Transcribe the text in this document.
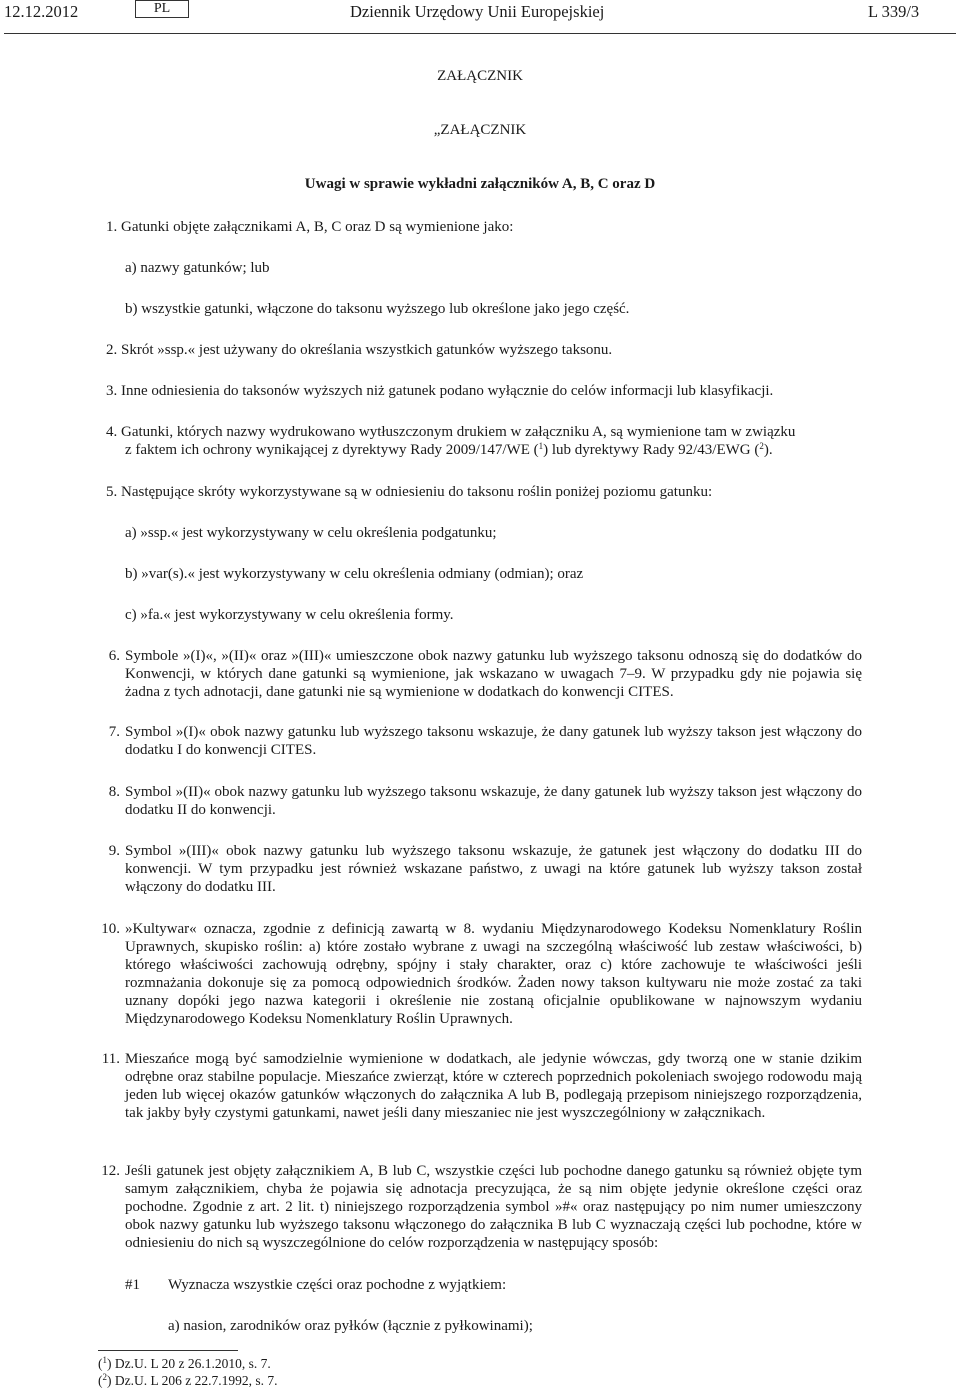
12.12.2012	PL	Dziennik Urzędowy Unii Europejskiej	L 339/3
ZAŁĄCZNIK
„ZAŁĄCZNIK
Uwagi w sprawie wykładni załączników A, B, C oraz D
1. Gatunki objęte załącznikami A, B, C oraz D są wymienione jako:
a) nazwy gatunków; lub
b) wszystkie gatunki, włączone do taksonu wyższego lub określone jako jego część.
2. Skrót »ssp.« jest używany do określania wszystkich gatunków wyższego taksonu.
3. Inne odniesienia do taksonów wyższych niż gatunek podano wyłącznie do celów informacji lub klasyfikacji.
4. Gatunki, których nazwy wydrukowano wytłuszczonym drukiem w załączniku A, są wymienione tam w związku
z faktem ich ochrony wynikającej z dyrektywy Rady 2009/147/WE ($^1$) lub dyrektywy Rady 92/43/EWG ($^2$).
5. Następujące skróty wykorzystywane są w odniesieniu do taksonu roślin poniżej poziomu gatunku:
a) »ssp.« jest wykorzystywany w celu określenia podgatunku;
b) »var(s).« jest wykorzystywany w celu określenia odmiany (odmian); oraz
c) »fa.« jest wykorzystywany w celu określenia formy.
6. Symbole »(I)«, »(II)« oraz »(III)« umieszczone obok nazwy gatunku lub wyższego taksonu odnoszą się do dodatków do Konwencji, w których dane gatunki są wymienione, jak wskazano w uwagach 7–9. W przypadku gdy nie pojawia się żadna z tych adnotacji, dane gatunki nie są wymienione w dodatkach do konwencji CITES.
7. Symbol »(I)« obok nazwy gatunku lub wyższego taksonu wskazuje, że dany gatunek lub wyższy takson jest włączony do dodatku I do konwencji CITES.
8. Symbol »(II)« obok nazwy gatunku lub wyższego taksonu wskazuje, że dany gatunek lub wyższy takson jest włączony do dodatku II do konwencji.
9. Symbol »(III)« obok nazwy gatunku lub wyższego taksonu wskazuje, że gatunek jest włączony do dodatku III do konwencji. W tym przypadku jest również wskazane państwo, z uwagi na które gatunek lub wyższy takson został włączony do dodatku III.
10. »Kultywar« oznacza, zgodnie z definicją zawartą w 8. wydaniu Międzynarodowego Kodeksu Nomenklatury Roślin Uprawnych, skupisko roślin: a) które zostało wybrane z uwagi na szczególną właściwość lub zestaw właściwości, b) którego właściwości zachowują odrębny, spójny i stały charakter, oraz c) które zachowuje te właściwości jeśli rozmnażania dokonuje się za pomocą odpowiednich środków. Żaden nowy takson kultywaru nie może zostać za taki uznany dopóki jego nazwa kategorii i określenie nie zostaną oficjalnie opublikowane w najnowszym wydaniu Międzynarodowego Kodeksu Nomenklatury Roślin Uprawnych.
11. Mieszańce mogą być samodzielnie wymienione w dodatkach, ale jedynie wówczas, gdy tworzą one w stanie dzikim odrębne oraz stabilne populacje. Mieszańce zwierząt, które w czterech poprzednich pokoleniach swojego rodowodu mają jeden lub więcej okazów gatunków włączonych do załącznika A lub B, podlegają przepisom niniejszego rozporządzenia, tak jakby były czystymi gatunkami, nawet jeśli dany mieszaniec nie jest wyszczególniony w załącznikach.
12. Jeśli gatunek jest objęty załącznikiem A, B lub C, wszystkie części lub pochodne danego gatunku są również objęte tym samym załącznikiem, chyba że pojawia się adnotacja precyzująca, że są nim objęte jedynie określone części oraz pochodne. Zgodnie z art. 2 lit. t) niniejszego rozporządzenia symbol »#« oraz następujący po nim numer umieszczony obok nazwy gatunku lub wyższego taksonu włączonego do załącznika B lub C wyznaczają części lub pochodne, które w odniesieniu do nich są wyszczególnione do celów rozporządzenia w następujący sposób:
#1 Wyznacza wszystkie części oraz pochodne z wyjątkiem:
a) nasion, zarodników oraz pyłków (łącznie z pyłkowinami);
($^1$) Dz.U. L 20 z 26.1.2010, s. 7.
($^2$) Dz.U. L 206 z 22.7.1992, s. 7.
